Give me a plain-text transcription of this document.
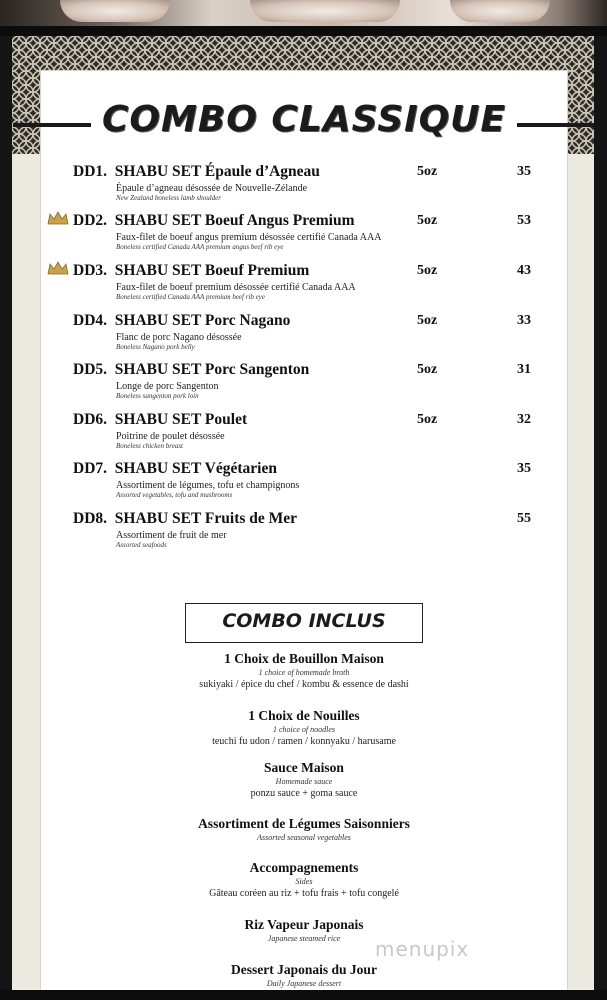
COMBO CLASSIQUE
DD1. SHABU SET Épaule d’Agneau
Épaule d’agneau désossée de Nouvelle-Zélande
New Zealand boneless lamb shoulder
5oz	35
DD2. SHABU SET Boeuf Angus Premium
Faux-filet de boeuf angus premium désossée certifié Canada AAA
Boneless certified Canada AAA premium angus beef rib eye
5oz	53
DD3. SHABU SET Boeuf Premium
Faux-filet de boeuf premium désossée certifié Canada AAA
Boneless certified Canada AAA premium beef rib eye
5oz	43
DD4. SHABU SET Porc Nagano
Flanc de porc Nagano désossée
Boneless Nagano pork belly
5oz	33
DD5. SHABU SET Porc Sangenton
Longe de porc Sangenton
Boneless sangenton pork loin
5oz	31
DD6. SHABU SET Poulet
Poitrine de poulet désossée
Boneless chicken breast
5oz	32
DD7. SHABU SET Végétarien
Assortiment de légumes, tofu et champignons
Assorted vegetables, tofu and mushrooms
35
DD8. SHABU SET Fruits de Mer
Assortiment de fruit de mer
Assorted seafoods
55
COMBO INCLUS
1 Choix de Bouillon Maison
1 choice of homemade broth
sukiyaki / épice du chef / kombu & essence de dashi
1 Choix de Nouilles
1 choice of noodles
teuchi fu udon / ramen / konnyaku / harusame
Sauce Maison
Homemade sauce
ponzu sauce + goma sauce
Assortiment de Légumes Saisonniers
Assorted seasonal vegetables
Accompagnements
Sides
Gâteau coréen au riz + tofu frais + tofu congelé
Riz Vapeur Japonais
Japanese steamed rice
Dessert Japonais du Jour
Daily Japanese dessert
menupix
